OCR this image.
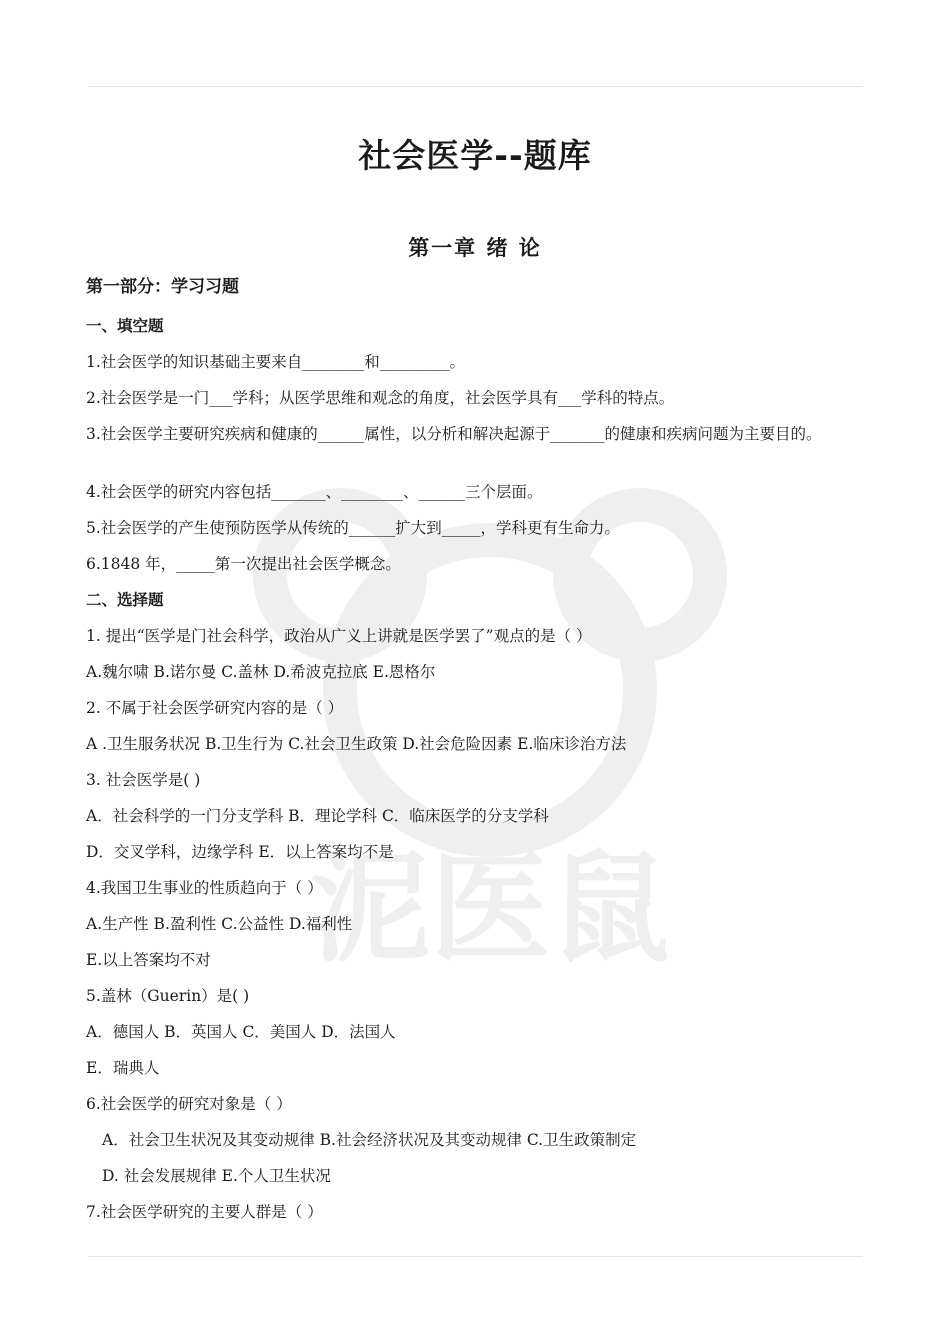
泥医鼠
社会医学--题库
第一章 绪 论

第一部分：学习习题

一、填空题

1.社会医学的知识基础主要来自________和_________。

2.社会医学是一门___学科；从医学思维和观念的角度，社会医学具有___学科的特点。

3.社会医学主要研究疾病和健康的______属性，以分析和解决起源于_______的健康和疾病问题为主要目的。

4.社会医学的研究内容包括_______、________、______三个层面。

5.社会医学的产生使预防医学从传统的______扩大到_____，学科更有生命力。

6.1848 年，_____第一次提出社会医学概念。

二、选择题

1. 提出“医学是门社会科学，政治从广义上讲就是医学罢了”观点的是（ ）

A.魏尔啸 B.诺尔曼 C.盖林 D.希波克拉底 E.恩格尔

2. 不属于社会医学研究内容的是（ ）

A .卫生服务状况 B.卫生行为 C.社会卫生政策 D.社会危险因素 E.临床诊治方法

3. 社会医学是( )

A．社会科学的一门分支学科 B．理论学科 C．临床医学的分支学科

D．交叉学科，边缘学科 E．以上答案均不是

4.我国卫生事业的性质趋向于（ ）

A.生产性 B.盈利性 C.公益性 D.福利性

E.以上答案均不对

5.盖林（Guerin）是( )

A．德国人 B．英国人 C．美国人 D．法国人

E．瑞典人

6.社会医学的研究对象是（ ）

A．社会卫生状况及其变动规律 B.社会经济状况及其变动规律 C.卫生政策制定

D. 社会发展规律 E.个人卫生状况

7.社会医学研究的主要人群是（ ）
